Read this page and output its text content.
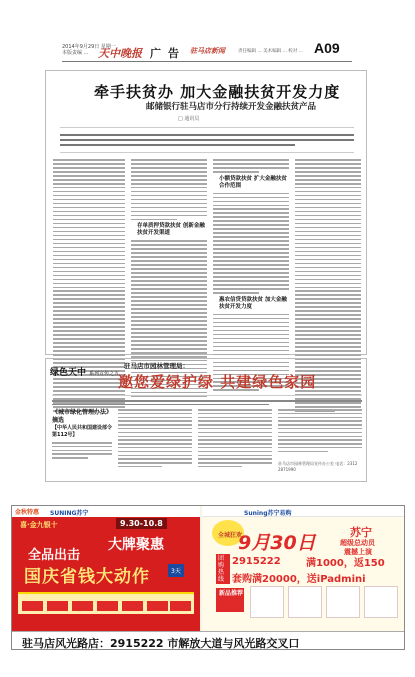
2014年9月29日 星期一
本版责编 ... 天中晚报 广告 驻马店新闻	责任编辑 ... 美术编辑 ... 校对 ... A09
牵手扶贫办 加大金融扶贫开发力度
邮储银行驻马店市分行持续开发金融扶贫产品
□ 通讯员
存单质押贷款扶贫 创新金融扶贫开发渠道
小额贷款扶贫 扩大金融扶贫合作范围
惠农信贷贷款扶贫 加大金融扶贫开发力度
绿色天中 系列宣传之五
驻马店市园林管理局：
邀您爱绿护绿 共建绿色家园
《城市绿化管理办法》摘选
【中华人民共和国建设部令第112号】
驻马店市园林管理局宣传办公室 电话：2312 2871990
金秋特惠 SUNING苏宁
喜·金九银十	9.30-10.8
全品出击
大牌聚惠
国庆省钱大动作	3天
Suning苏宁易购
全城狂欢
9月30日	苏宁
超级总动员
震撼上演
团购热线
2915222	满1000，返150
套购满20000，送iPadmini
新品推荐
驻马店风光路店：2915222 市解放大道与风光路交叉口
